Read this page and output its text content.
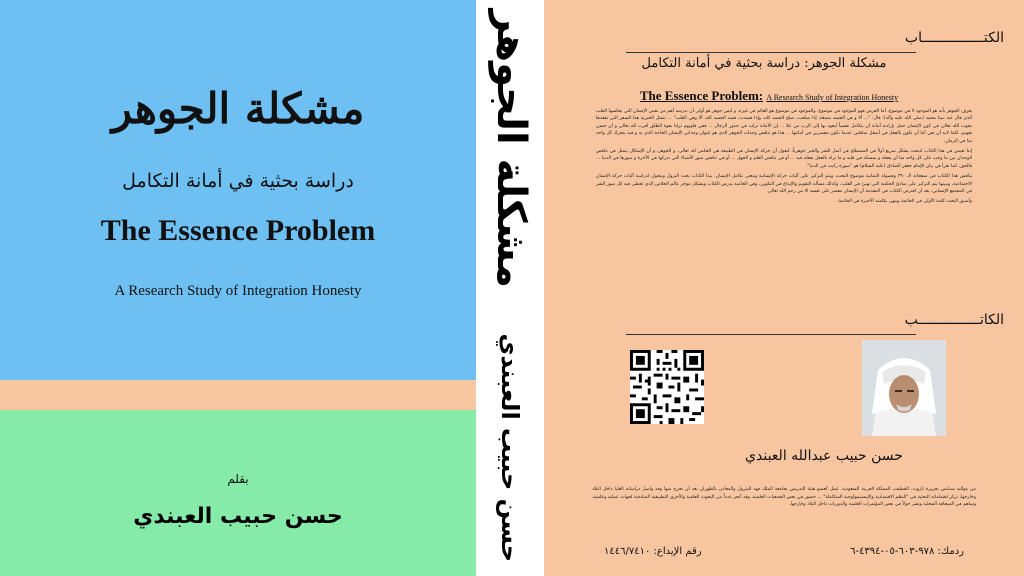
مشكلة الجوهر
دراسة بحثية في أمانة التكامل
The Essence Problem
A Research Study of Integration Honesty
بقلم
حسن حبيب العبندي
مشكلة الجوهر
حسن حبيب العبندي
الكتـــــــــــــــاب
مشكلة الجوهر: دراسة بحثية في أمانة التكامل
The Essence Problem: A Research Study of Integration Honesty

يعرف الجوهر بأنه هو الموجود لا في موضوع، أما العرض فهو الموجود في موضوع. والموجود في موضوع هو القائم في غيره. و ليس جوهر هو أولى أن ندرسه أهم من نفس الإنسان التي يعكسها القلب الذي قال عنه نبينا محمد (صلى الله عليه وآله): قال: "... ألا و في الجسد مضغة، إذا صلحت، صلح الجسد كله، وإذا فسدت، فسد الجسد كله، ألا وهي القلب" ... تتمثل الخيرية هذا السفر التي تفقدها بحوث الله تعالى في كون الإنسان حمل بإرادته أمانة أن يتكامل نفسياً ليعود بها إلى الرب من علا ... إن الأمانة نزلت في جذور الرجال ... ففي قلوبهم نزلنا بقوة الطلق أقرب لله تعالى و أن حسن تقويم، لكننا لابد أن نعي أننا أن نكون بالفعل في أسفل سافلين عندما نكون مقصرين في أمانتها ... هذا هو تناقض وجدات الجوهر الذي هو عنوان وجداني الإنسان الحاجة الذي به و فيه يتحرك كل واحد منا في الزمان.

إننا نعيش في هذا الكتاب لنبحث بشكل سريع أولاً في المصطلح في أصل الشر والخير جوهرياً، لنقول أن حركة الإنسان في الطبيعة هي العكس لله تعالى، و الجوهر، و أن الإشكال يتمثل في تناقض الوجدان بين ما وجب على كل واحد منا أن يعقله و يمسكه في قلبه و ما تراه بالفعل يعقله فيه ... أو في تناقض العلم و الجهل ... أو في تناقض صور الأشياء التي ندركها في الآخرة و صورها في الدنيا ... فالحق، كما نقرأ في بيان للإمام جعفر الصادق (عليه السلام) هو "صورة ركبت في الدنيا".

يناقش هذا الكتاب في صفحاته الـ ٣٩٠ وفصوله الثمانية موضوع البحث، ويتم التركيز على آليات حركة الإنسانية ومعنى تكامل الإنسان. يبدأ الكتاب بحث النزول ويتحول لدراسة آليات حركة الإنسان الاجتماعية، ويبينها يتم التركيز على مبادئ الحكمة التي تهيئ في القلب، وكذلك مسألة التقويم والإبداع في التكوين، وفي الخاتمة يدرس الكتاب وبشكل موجز عالم الخلاص الذي تخطى فيه كل صور الشر في المجتمع الإنساني، بعد أن افترض الكتاب في المقدمة أن الإنسان مقصر على نفسه الا من رحم الله تعالى.

وأسبق البحث كلمة الأولى في الخاتمة وبتهى بكلمته الأخيرة في الخاتمة.

الكاتـــــــــــــــب
حسن حبيب عبدالله العبندي
من مواليد سنابس بجزيرة تاروت، القطيف، المملكة العربية السعودية. عمل كعضو هيئة التدريس بجامعة الملك فهد للبترول والمعادن بالظهران بعد أن تخرج منها وقد واصل دراساته العليا داخل البلاد وخارجها، تركز اهتماماته البحثية في "النظم الاقتصادية والإبستيمولوجية المتكاملة" ... حضور في بعض الجمعيات العلمية، وقد أنجز عدداً من البحوث العلمية والأخرى التطبيقية الصادقية لجهات عملية وعلمية، وساهم في الصحافة المحلية ونشر جولاً في بعض المؤتمرات العلمية والدوريات داخل البلاد وخارجها.
ردمك: ٩٧٨-٦٠٣-٠٥-٤٣٩٤-٦
رقم الإيداع: ١٤٤٦/٧٤١٠
